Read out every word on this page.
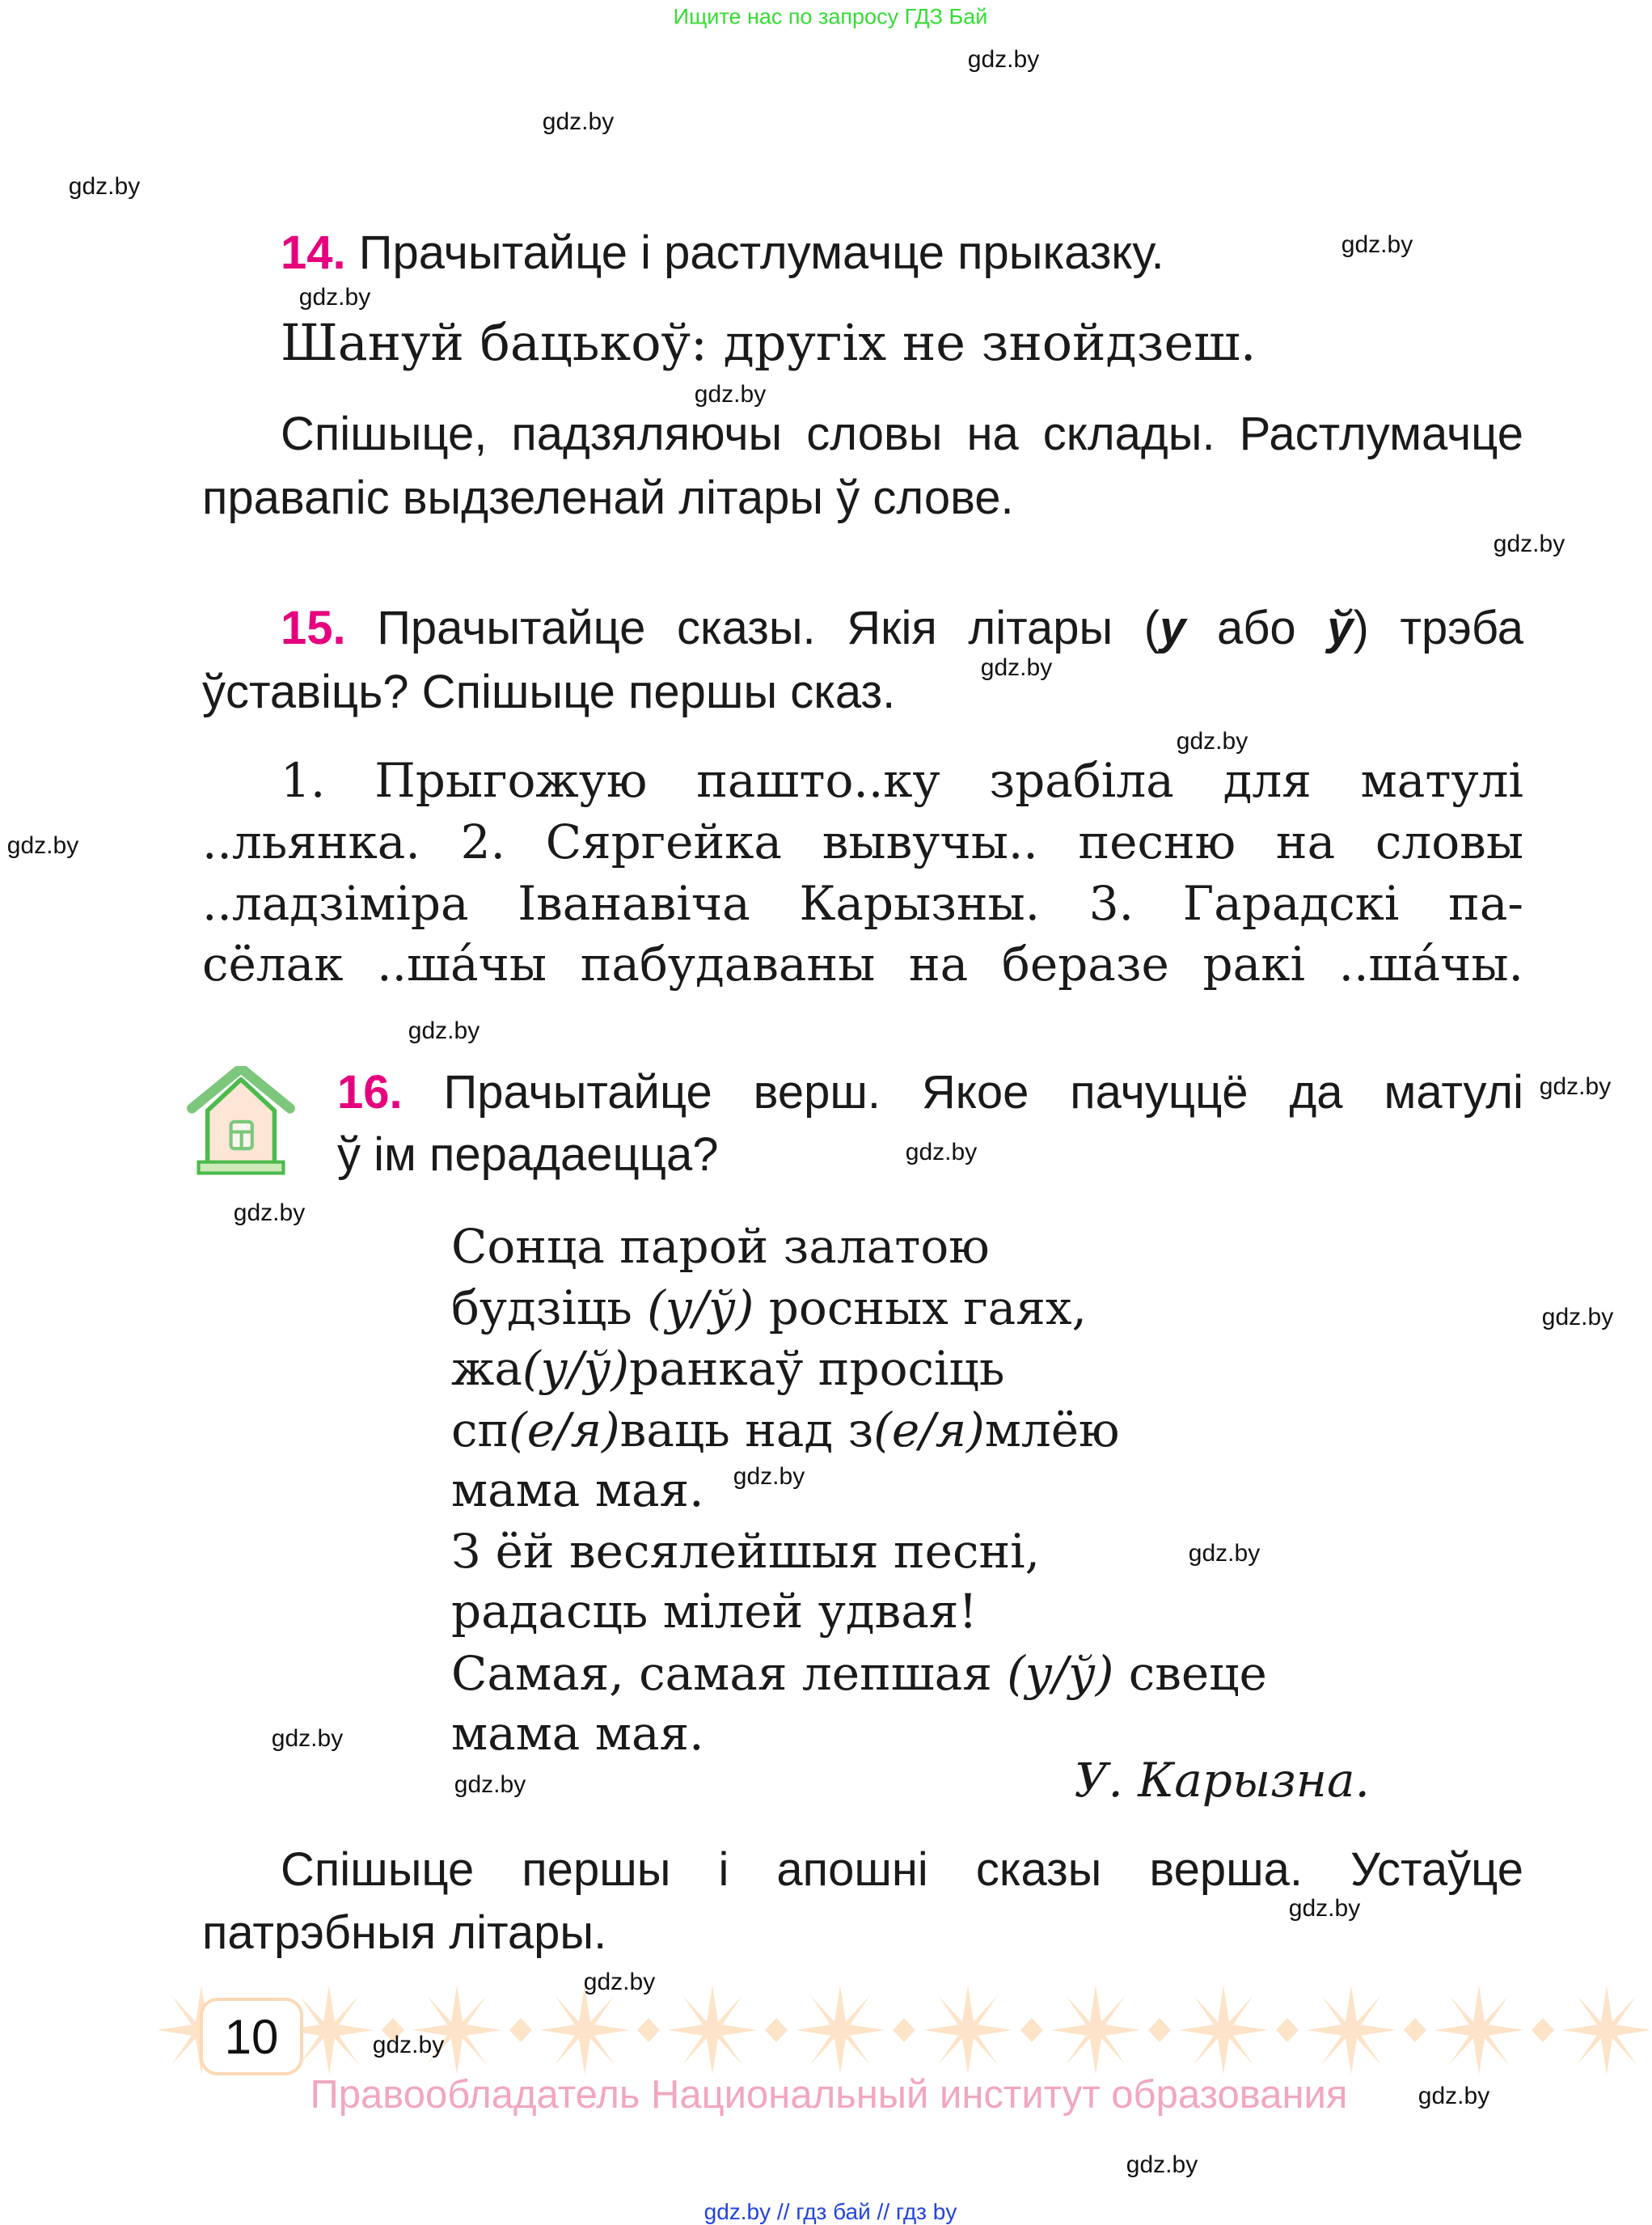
Ищите нас по запросу ГДЗ Бай
gdz.by
gdz.by
gdz.by
gdz.by
gdz.by
gdz.by
gdz.by
gdz.by
gdz.by
gdz.by
gdz.by
gdz.by
gdz.by
gdz.by
gdz.by
gdz.by
gdz.by
gdz.by
gdz.by
gdz.by
gdz.by
14. Прачытайце і растлумачце прыказку.
Шануй бацькоў: другіх не знойдзеш.
Спішыце, падзяляючы словы на склады. Растлумачце
правапіс выдзеленай літары ў слове.
15. Прачытайце сказы. Якія літары (у або ў) трэба
ўставіць? Спішыце першы сказ.
1. Прыгожую пашто..ку зрабіла для матулі
..льянка. 2. Сяргейка вывучы.. песню на словы
..ладзіміра Іванавіча Карызны. 3. Гарадскі па-
сёлак ..ша́чы пабудаваны на беразе ракі ..ша́чы.
16. Прачытайце верш. Якое пачуццё да матулі
ў ім перадаецца?
Сонца парой залатою
будзіць (у/ў) росных гаях,
жа(у/ў)ранкаў просіць
сп(е/я)ваць над з(е/я)млёю
мама мая.
З ёй весялейшыя песні,
радасць мілей удвая!
Самая, самая лепшая (у/ў) свеце
мама мая.
У. Карызна.
Спішыце першы і апошні сказы верша. Устаўце
патрэбныя літары.
10	gdz.by
Правообладатель Национальный институт образования	gdz.by
gdz.by
gdz.by // гдз бай // гдз by
